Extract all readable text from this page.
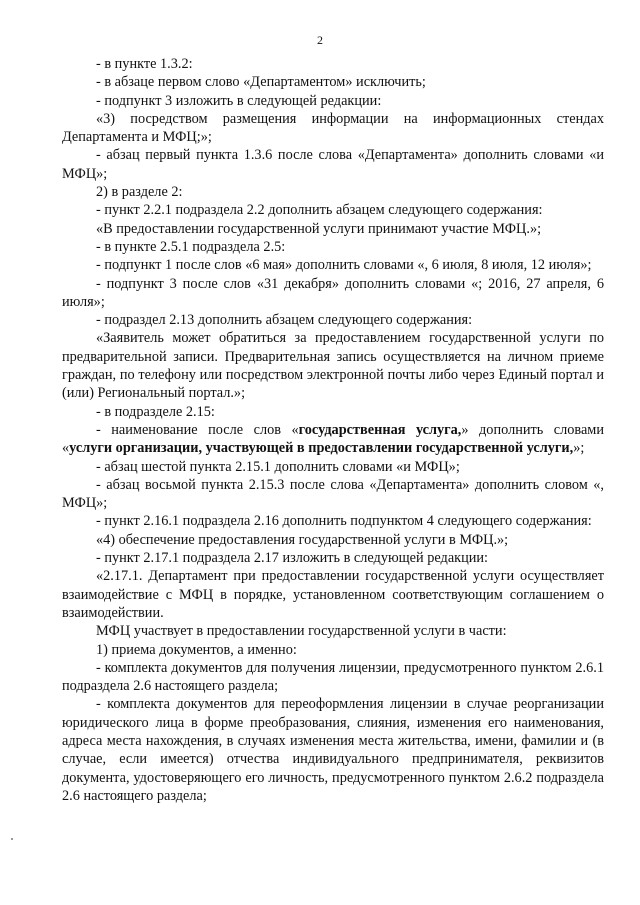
2

- в пункте 1.3.2:

- в абзаце первом слово «Департаментом» исключить;

- подпункт 3 изложить в следующей редакции:

«3) посредством размещения информации на информационных стендах Департамента и МФЦ;»;

- абзац первый пункта 1.3.6 после слова «Департамента» дополнить словами «и МФЦ»;

2) в разделе 2:

- пункт 2.2.1 подраздела 2.2 дополнить абзацем следующего содержания:

«В предоставлении государственной услуги принимают участие МФЦ.»;

- в пункте 2.5.1 подраздела 2.5:

- подпункт 1 после слов «6 мая» дополнить словами «, 6 июля, 8 июля, 12 июля»;

- подпункт 3 после слов «31 декабря» дополнить словами «; 2016, 27 апреля, 6 июля»;

- подраздел 2.13 дополнить абзацем следующего содержания:

«Заявитель может обратиться за предоставлением государственной услуги по предварительной записи. Предварительная запись осуществляется на личном приеме граждан, по телефону или посредством электронной почты либо через Единый портал и (или) Региональный портал.»;

- в подразделе 2.15:

- наименование после слов «государственная услуга,» дополнить словами «услуги организации, участвующей в предоставлении государственной услуги,»;

- абзац шестой пункта 2.15.1 дополнить словами «и МФЦ»;

- абзац восьмой пункта 2.15.3 после слова «Департамента» дополнить словом «, МФЦ»;

- пункт 2.16.1 подраздела 2.16 дополнить подпунктом 4 следующего содержания:

«4) обеспечение предоставления государственной услуги в МФЦ.»;

- пункт 2.17.1 подраздела 2.17 изложить в следующей редакции:

«2.17.1. Департамент при предоставлении государственной услуги осуществляет взаимодействие с МФЦ в порядке, установленном соответствующим соглашением о взаимодействии.

МФЦ участвует в предоставлении государственной услуги в части:

1) приема документов, а именно:

- комплекта документов для получения лицензии, предусмотренного пунктом 2.6.1 подраздела 2.6 настоящего раздела;

- комплекта документов для переоформления лицензии в случае реорганизации юридического лица в форме преобразования, слияния, изменения его наименования, адреса места нахождения, в случаях изменения места жительства, имени, фамилии и (в случае, если имеется) отчества индивидуального предпринимателя, реквизитов документа, удостоверяющего его личность, предусмотренного пунктом 2.6.2 подраздела 2.6 настоящего раздела;
